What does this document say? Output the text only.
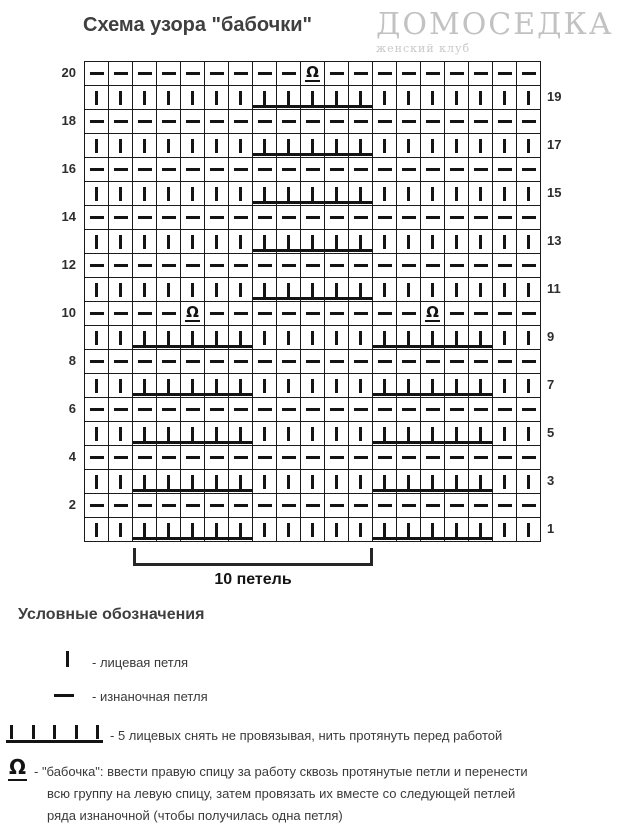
Схема узора "бабочки" ДОМОСЕДКА
женский клуб
Ω
Ω	Ω
20
18
16
14
12
10
8
6
4
2
19
17
15
13
11
9
7
5
3
1
10 петель
Условные обозначения
- лицевая петля
- изнаночная петля
- 5 лицевых снять не провязывая, нить протянуть перед работой
Ω - "бабочка": ввести правую спицу за работу сквозь протянутые петли и перенести
всю группу на левую спицу, затем провязать их вместе со следующей петлей
ряда изнаночной (чтобы получилась одна петля)
